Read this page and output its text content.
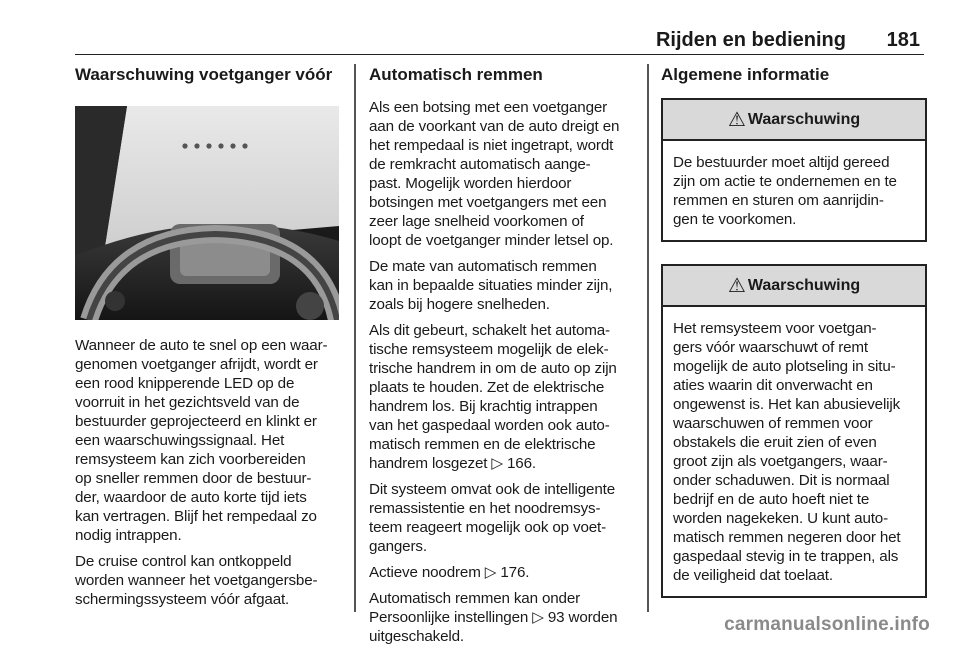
Rijden en bediening 181
Waarschuwing voetganger vóór

Wanneer de auto te snel op een waar-
genomen voetganger afrijdt, wordt er
een rood knipperende LED op de
voorruit in het gezichtsveld van de
bestuurder geprojecteerd en klinkt er
een waarschuwingssignaal. Het
remsysteem kan zich voorbereiden
op sneller remmen door de bestuur-
der, waardoor de auto korte tijd iets
kan vertragen. Blijf het rempedaal zo
nodig intrappen.

De cruise control kan ontkoppeld
worden wanneer het voetgangersbe-
schermingssysteem vóór afgaat.

Automatisch remmen

Als een botsing met een voetganger
aan de voorkant van de auto dreigt en
het rempedaal is niet ingetrapt, wordt
de remkracht automatisch aange-
past. Mogelijk worden hierdoor
botsingen met voetgangers met een
zeer lage snelheid voorkomen of
loopt de voetganger minder letsel op.

De mate van automatisch remmen
kan in bepaalde situaties minder zijn,
zoals bij hogere snelheden.

Als dit gebeurt, schakelt het automa-
tische remsysteem mogelijk de elek-
trische handrem in om de auto op zijn
plaats te houden. Zet de elektrische
handrem los. Bij krachtig intrappen
van het gaspedaal worden ook auto-
matisch remmen en de elektrische
handrem losgezet ▷ 166.

Dit systeem omvat ook de intelligente
remassistentie en het noodremsys-
teem reageert mogelijk ook op voet-
gangers.

Actieve noodrem ▷ 176.

Automatisch remmen kan onder
Persoonlijke instellingen ▷ 93 worden
uitgeschakeld.

Algemene informatie
⚠ Waarschuwing
De bestuurder moet altijd gereed
zijn om actie te ondernemen en te
remmen en sturen om aanrijdin-
gen te voorkomen.
⚠ Waarschuwing
Het remsysteem voor voetgan-
gers vóór waarschuwt of remt
mogelijk de auto plotseling in situ-
aties waarin dit onverwacht en
ongewenst is. Het kan abusievelijk
waarschuwen of remmen voor
obstakels die eruit zien of even
groot zijn als voetgangers, waar-
onder schaduwen. Dit is normaal
bedrijf en de auto hoeft niet te
worden nagekeken. U kunt auto-
matisch remmen negeren door het
gaspedaal stevig in te trappen, als
de veiligheid dat toelaat.
carmanualsonline.info
